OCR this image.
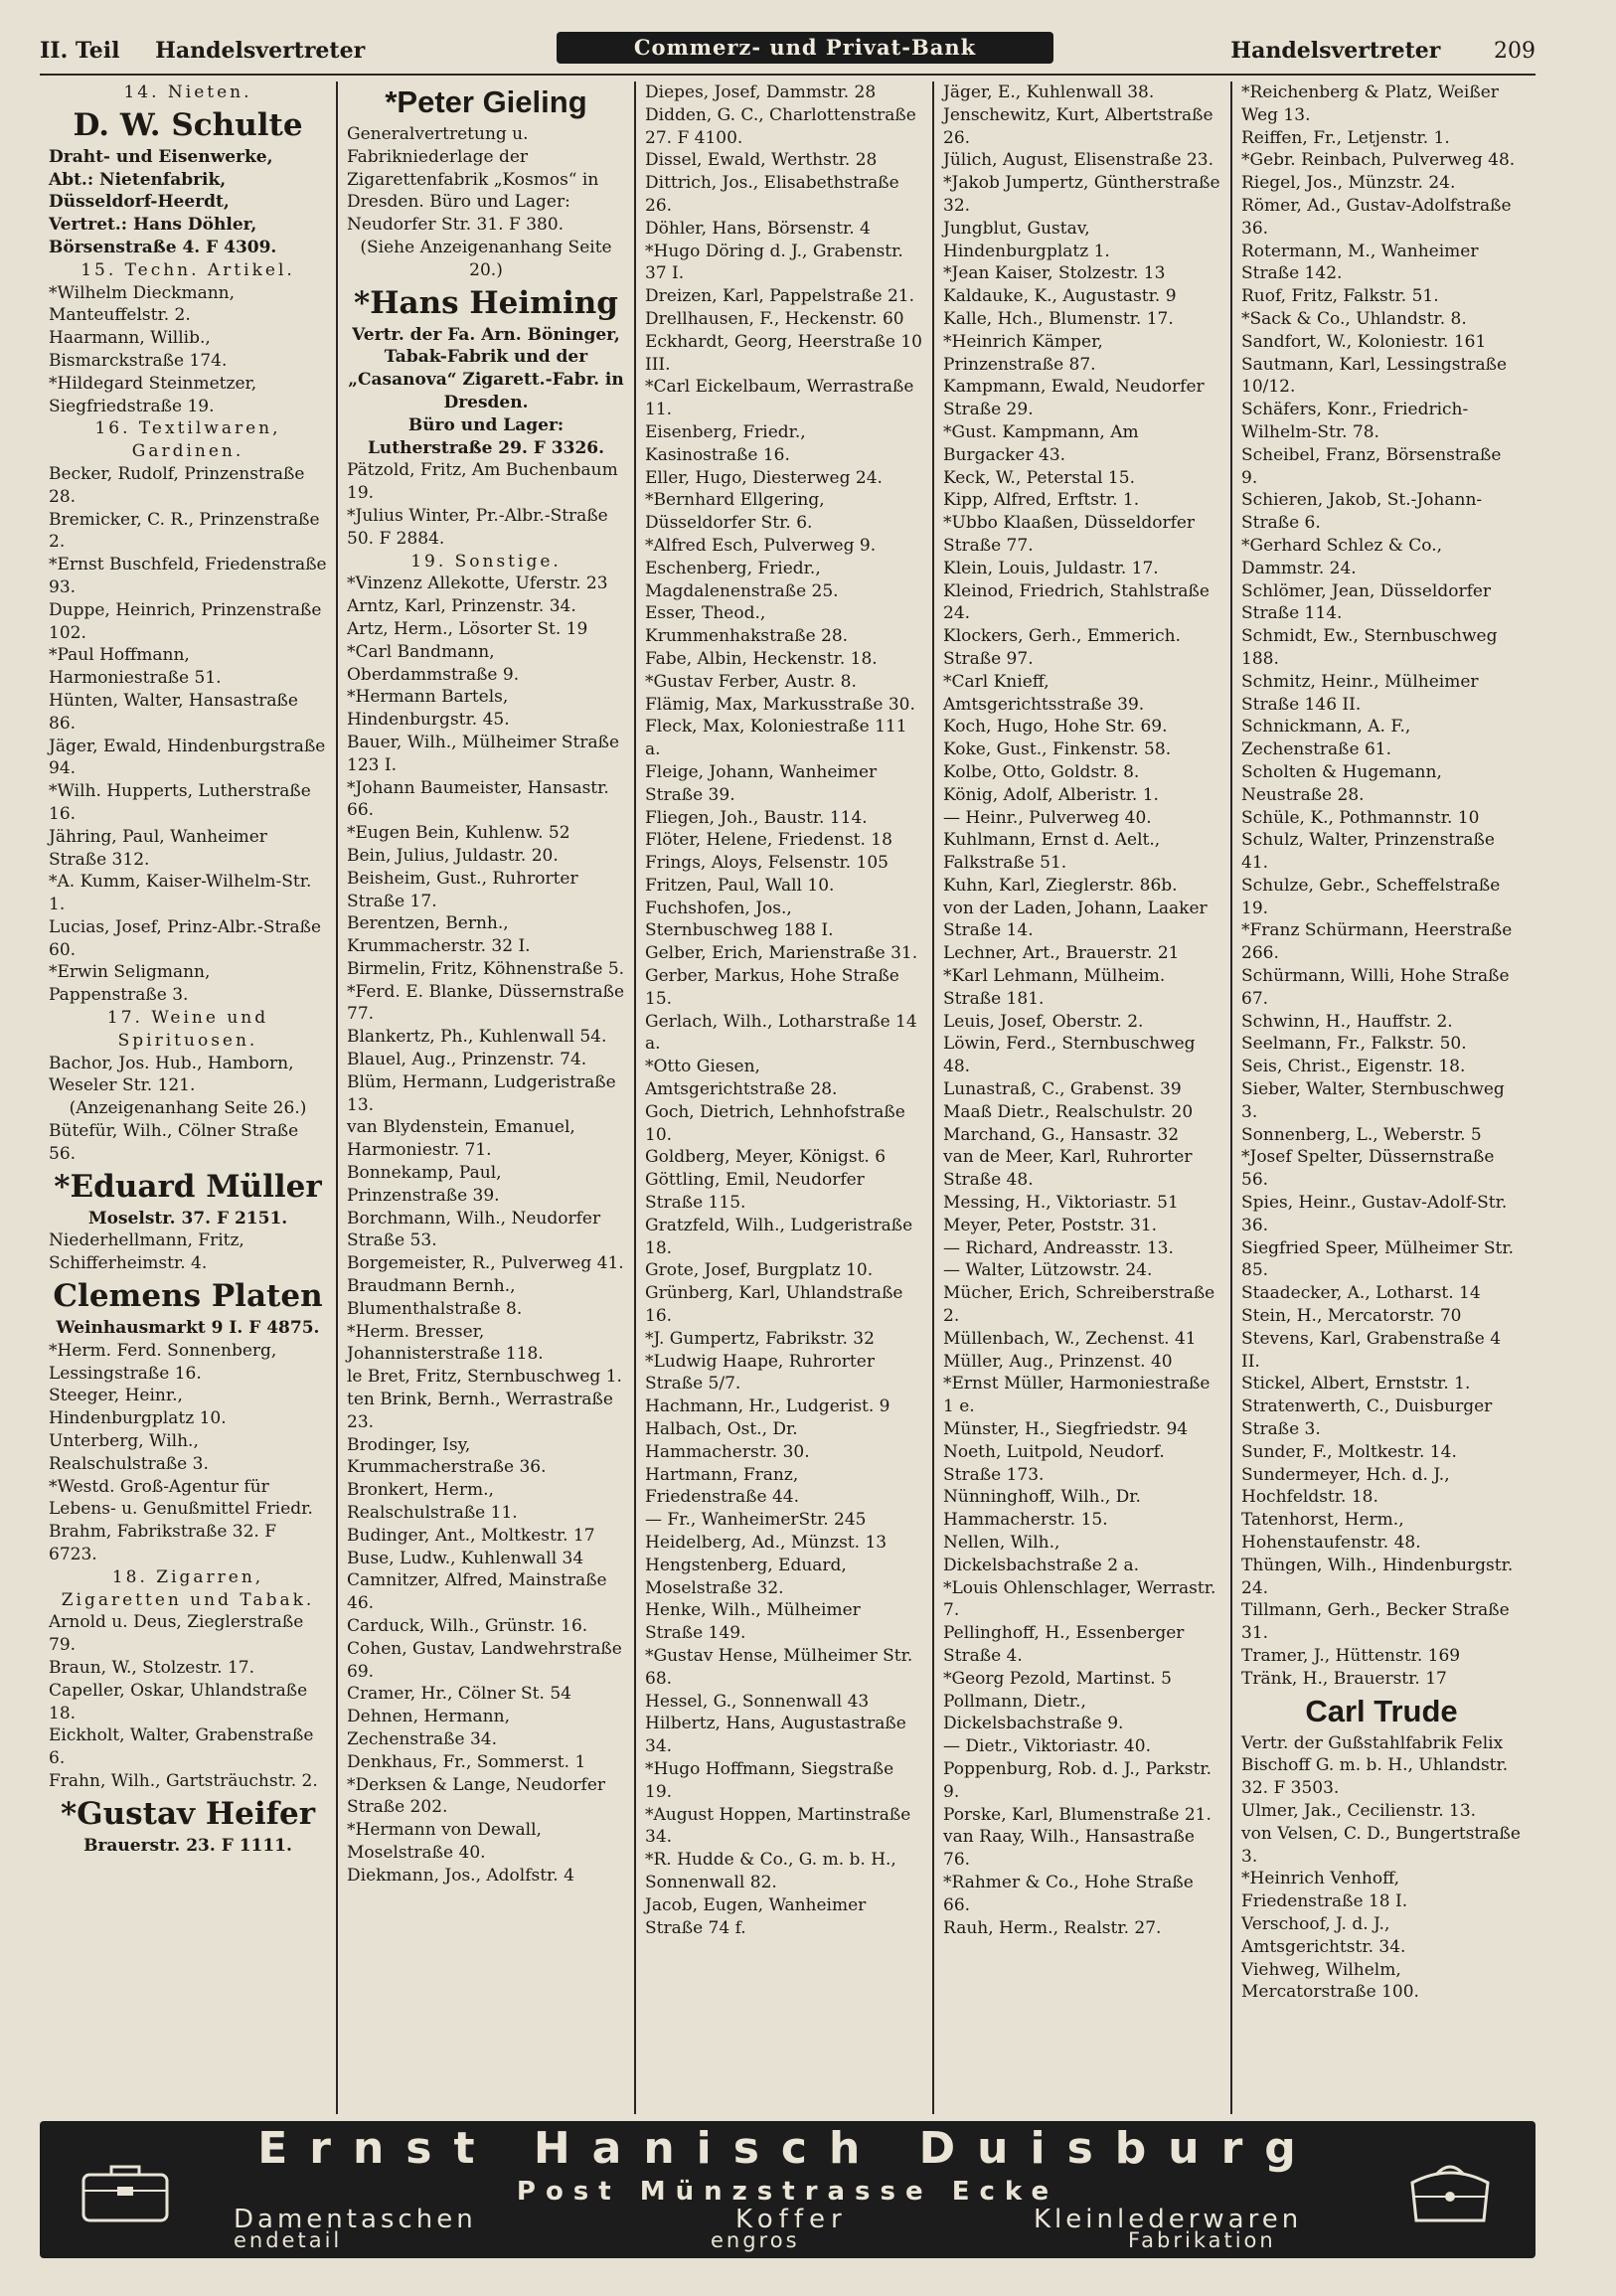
II. Teil Handelsvertreter	Commerz- und Privat-Bank	Handelsvertreter 209

14. Nieten.

D. W. Schulte

Draht- und Eisenwerke,

Abt.: Nietenfabrik,

Düsseldorf-Heerdt,

Vertret.: Hans Döhler,

Börsenstraße 4. F 4309.

15. Techn. Artikel.

*Wilhelm Dieckmann, Manteuffelstr. 2.

Haarmann, Willib., Bismarckstraße 174.

*Hildegard Steinmetzer, Siegfriedstraße 19.

16. Textilwaren, Gardinen.

Becker, Rudolf, Prinzenstraße 28.

Bremicker, C. R., Prinzenstraße 2.

*Ernst Buschfeld, Friedenstraße 93.

Duppe, Heinrich, Prinzenstraße 102.

*Paul Hoffmann, Harmoniestraße 51.

Hünten, Walter, Hansastraße 86.

Jäger, Ewald, Hindenburgstraße 94.

*Wilh. Hupperts, Lutherstraße 16.

Jähring, Paul, Wanheimer Straße 312.

*A. Kumm, Kaiser-Wilhelm-Str. 1.

Lucias, Josef, Prinz-Albr.-Straße 60.

*Erwin Seligmann, Pappenstraße 3.

17. Weine und Spirituosen.

Bachor, Jos. Hub., Hamborn, Weseler Str. 121.

(Anzeigenanhang Seite 26.)

Bütefür, Wilh., Cölner Straße 56.

*Eduard Müller

Moselstr. 37. F 2151.

Niederhellmann, Fritz, Schifferheimstr. 4.

Clemens Platen

Weinhausmarkt 9 I. F 4875.

*Herm. Ferd. Sonnenberg, Lessingstraße 16.

Steeger, Heinr., Hindenburgplatz 10.

Unterberg, Wilh., Realschulstraße 3.

*Westd. Groß-Agentur für Lebens- u. Genußmittel Friedr. Brahm, Fabrikstraße 32. F 6723.

18. Zigarren, Zigaretten und Tabak.

Arnold u. Deus, Zieglerstraße 79.

Braun, W., Stolzestr. 17.

Capeller, Oskar, Uhlandstraße 18.

Eickholt, Walter, Grabenstraße 6.

Frahn, Wilh., Gartsträuchstr. 2.

*Gustav Heifer

Brauerstr. 23. F 1111.

*Peter Gieling

Generalvertretung u. Fabrikniederlage der Zigarettenfabrik „Kosmos“ in Dresden. Büro und Lager: Neudorfer Str. 31. F 380.

(Siehe Anzeigenanhang Seite 20.)

*Hans Heiming

Vertr. der Fa. Arn. Böninger, Tabak-Fabrik und der „Casanova“ Zigarett.-Fabr. in Dresden.

Büro und Lager:

Lutherstraße 29. F 3326.

Pätzold, Fritz, Am Buchenbaum 19.

*Julius Winter, Pr.-Albr.-Straße 50. F 2884.

19. Sonstige.

*Vinzenz Allekotte, Uferstr. 23

Arntz, Karl, Prinzenstr. 34.

Artz, Herm., Lösorter St. 19

*Carl Bandmann, Oberdammstraße 9.

*Hermann Bartels, Hindenburgstr. 45.

Bauer, Wilh., Mülheimer Straße 123 I.

*Johann Baumeister, Hansastr. 66.

*Eugen Bein, Kuhlenw. 52

Bein, Julius, Juldastr. 20.

Beisheim, Gust., Ruhrorter Straße 17.

Berentzen, Bernh., Krummacherstr. 32 I.

Birmelin, Fritz, Köhnenstraße 5.

*Ferd. E. Blanke, Düssernstraße 77.

Blankertz, Ph., Kuhlenwall 54.

Blauel, Aug., Prinzenstr. 74.

Blüm, Hermann, Ludgeristraße 13.

van Blydenstein, Emanuel, Harmoniestr. 71.

Bonnekamp, Paul, Prinzenstraße 39.

Borchmann, Wilh., Neudorfer Straße 53.

Borgemeister, R., Pulverweg 41.

Braudmann Bernh., Blumenthalstraße 8.

*Herm. Bresser, Johannisterstraße 118.

le Bret, Fritz, Sternbuschweg 1.

ten Brink, Bernh., Werrastraße 23.

Brodinger, Isy, Krummacherstraße 36.

Bronkert, Herm., Realschulstraße 11.

Budinger, Ant., Moltkestr. 17

Buse, Ludw., Kuhlenwall 34

Camnitzer, Alfred, Mainstraße 46.

Carduck, Wilh., Grünstr. 16.

Cohen, Gustav, Landwehrstraße 69.

Cramer, Hr., Cölner St. 54

Dehnen, Hermann, Zechenstraße 34.

Denkhaus, Fr., Sommerst. 1

*Derksen & Lange, Neudorfer Straße 202.

*Hermann von Dewall, Moselstraße 40.

Diekmann, Jos., Adolfstr. 4

Diepes, Josef, Dammstr. 28

Didden, G. C., Charlottenstraße 27. F 4100.

Dissel, Ewald, Werthstr. 28

Dittrich, Jos., Elisabethstraße 26.

Döhler, Hans, Börsenstr. 4

*Hugo Döring d. J., Grabenstr. 37 I.

Dreizen, Karl, Pappelstraße 21.

Drellhausen, F., Heckenstr. 60

Eckhardt, Georg, Heerstraße 10 III.

*Carl Eickelbaum, Werrastraße 11.

Eisenberg, Friedr., Kasinostraße 16.

Eller, Hugo, Diesterweg 24.

*Bernhard Ellgering, Düsseldorfer Str. 6.

*Alfred Esch, Pulverweg 9.

Eschenberg, Friedr., Magdalenenstraße 25.

Esser, Theod., Krummenhakstraße 28.

Fabe, Albin, Heckenstr. 18.

*Gustav Ferber, Austr. 8.

Flämig, Max, Markusstraße 30.

Fleck, Max, Koloniestraße 111 a.

Fleige, Johann, Wanheimer Straße 39.

Fliegen, Joh., Baustr. 114.

Flöter, Helene, Friedenst. 18

Frings, Aloys, Felsenstr. 105

Fritzen, Paul, Wall 10.

Fuchshofen, Jos., Sternbuschweg 188 I.

Gelber, Erich, Marienstraße 31.

Gerber, Markus, Hohe Straße 15.

Gerlach, Wilh., Lotharstraße 14 a.

*Otto Giesen, Amtsgerichtstraße 28.

Goch, Dietrich, Lehnhofstraße 10.

Goldberg, Meyer, Königst. 6

Göttling, Emil, Neudorfer Straße 115.

Gratzfeld, Wilh., Ludgeristraße 18.

Grote, Josef, Burgplatz 10.

Grünberg, Karl, Uhlandstraße 16.

*J. Gumpertz, Fabrikstr. 32

*Ludwig Haape, Ruhrorter Straße 5/7.

Hachmann, Hr., Ludgerist. 9

Halbach, Ost., Dr. Hammacherstr. 30.

Hartmann, Franz, Friedenstraße 44.

— Fr., WanheimerStr. 245

Heidelberg, Ad., Münzst. 13

Hengstenberg, Eduard, Moselstraße 32.

Henke, Wilh., Mülheimer Straße 149.

*Gustav Hense, Mülheimer Str. 68.

Hessel, G., Sonnenwall 43

Hilbertz, Hans, Augustastraße 34.

*Hugo Hoffmann, Siegstraße 19.

*August Hoppen, Martinstraße 34.

*R. Hudde & Co., G. m. b. H., Sonnenwall 82.

Jacob, Eugen, Wanheimer Straße 74 f.

Jäger, E., Kuhlenwall 38.

Jenschewitz, Kurt, Albertstraße 26.

Jülich, August, Elisenstraße 23.

*Jakob Jumpertz, Güntherstraße 32.

Jungblut, Gustav, Hindenburgplatz 1.

*Jean Kaiser, Stolzestr. 13

Kaldauke, K., Augustastr. 9

Kalle, Hch., Blumenstr. 17.

*Heinrich Kämper, Prinzenstraße 87.

Kampmann, Ewald, Neudorfer Straße 29.

*Gust. Kampmann, Am Burgacker 43.

Keck, W., Peterstal 15.

Kipp, Alfred, Erftstr. 1.

*Ubbo Klaaßen, Düsseldorfer Straße 77.

Klein, Louis, Juldastr. 17.

Kleinod, Friedrich, Stahlstraße 24.

Klockers, Gerh., Emmerich. Straße 97.

*Carl Knieff, Amtsgerichtsstraße 39.

Koch, Hugo, Hohe Str. 69.

Koke, Gust., Finkenstr. 58.

Kolbe, Otto, Goldstr. 8.

König, Adolf, Alberistr. 1.

— Heinr., Pulverweg 40.

Kuhlmann, Ernst d. Aelt., Falkstraße 51.

Kuhn, Karl, Zieglerstr. 86b.

von der Laden, Johann, Laaker Straße 14.

Lechner, Art., Brauerstr. 21

*Karl Lehmann, Mülheim. Straße 181.

Leuis, Josef, Oberstr. 2.

Löwin, Ferd., Sternbuschweg 48.

Lunastraß, C., Grabenst. 39

Maaß Dietr., Realschulstr. 20

Marchand, G., Hansastr. 32

van de Meer, Karl, Ruhrorter Straße 48.

Messing, H., Viktoriastr. 51

Meyer, Peter, Poststr. 31.

— Richard, Andreasstr. 13.

— Walter, Lützowstr. 24.

Mücher, Erich, Schreiberstraße 2.

Müllenbach, W., Zechenst. 41

Müller, Aug., Prinzenst. 40

*Ernst Müller, Harmoniestraße 1 e.

Münster, H., Siegfriedstr. 94

Noeth, Luitpold, Neudorf. Straße 173.

Nünninghoff, Wilh., Dr. Hammacherstr. 15.

Nellen, Wilh., Dickelsbachstraße 2 a.

*Louis Ohlenschlager, Werrastr. 7.

Pellinghoff, H., Essenberger Straße 4.

*Georg Pezold, Martinst. 5

Pollmann, Dietr., Dickelsbachstraße 9.

— Dietr., Viktoriastr. 40.

Poppenburg, Rob. d. J., Parkstr. 9.

Porske, Karl, Blumenstraße 21.

van Raay, Wilh., Hansastraße 76.

*Rahmer & Co., Hohe Straße 66.

Rauh, Herm., Realstr. 27.

*Reichenberg & Platz, Weißer Weg 13.

Reiffen, Fr., Letjenstr. 1.

*Gebr. Reinbach, Pulverweg 48.

Riegel, Jos., Münzstr. 24.

Römer, Ad., Gustav-Adolfstraße 36.

Rotermann, M., Wanheimer Straße 142.

Ruof, Fritz, Falkstr. 51.

*Sack & Co., Uhlandstr. 8.

Sandfort, W., Koloniestr. 161

Sautmann, Karl, Lessingstraße 10/12.

Schäfers, Konr., Friedrich-Wilhelm-Str. 78.

Scheibel, Franz, Börsenstraße 9.

Schieren, Jakob, St.-Johann-Straße 6.

*Gerhard Schlez & Co., Dammstr. 24.

Schlömer, Jean, Düsseldorfer Straße 114.

Schmidt, Ew., Sternbuschweg 188.

Schmitz, Heinr., Mülheimer Straße 146 II.

Schnickmann, A. F., Zechenstraße 61.

Scholten & Hugemann, Neustraße 28.

Schüle, K., Pothmannstr. 10

Schulz, Walter, Prinzenstraße 41.

Schulze, Gebr., Scheffelstraße 19.

*Franz Schürmann, Heerstraße 266.

Schürmann, Willi, Hohe Straße 67.

Schwinn, H., Hauffstr. 2.

Seelmann, Fr., Falkstr. 50.

Seis, Christ., Eigenstr. 18.

Sieber, Walter, Sternbuschweg 3.

Sonnenberg, L., Weberstr. 5

*Josef Spelter, Düssernstraße 56.

Spies, Heinr., Gustav-Adolf-Str. 36.

Siegfried Speer, Mülheimer Str. 85.

Staadecker, A., Lotharst. 14

Stein, H., Mercatorstr. 70

Stevens, Karl, Grabenstraße 4 II.

Stickel, Albert, Ernststr. 1.

Stratenwerth, C., Duisburger Straße 3.

Sunder, F., Moltkestr. 14.

Sundermeyer, Hch. d. J., Hochfeldstr. 18.

Tatenhorst, Herm., Hohenstaufenstr. 48.

Thüngen, Wilh., Hindenburgstr. 24.

Tillmann, Gerh., Becker Straße 31.

Tramer, J., Hüttenstr. 169

Tränk, H., Brauerstr. 17

Carl Trude

Vertr. der Gußstahlfabrik Felix Bischoff G. m. b. H., Uhlandstr. 32. F 3503.

Ulmer, Jak., Cecilienstr. 13.

von Velsen, C. D., Bungertstraße 3.

*Heinrich Venhoff, Friedenstraße 18 I.

Verschoof, J. d. J., Amtsgerichtstr. 34.

Viehweg, Wilhelm, Mercatorstraße 100.

Ernst Hanisch Duisburg
Post Münzstrasse Ecke
Damentaschen
endetail
Koffer
engros
Kleinlederwaren
Fabrikation
